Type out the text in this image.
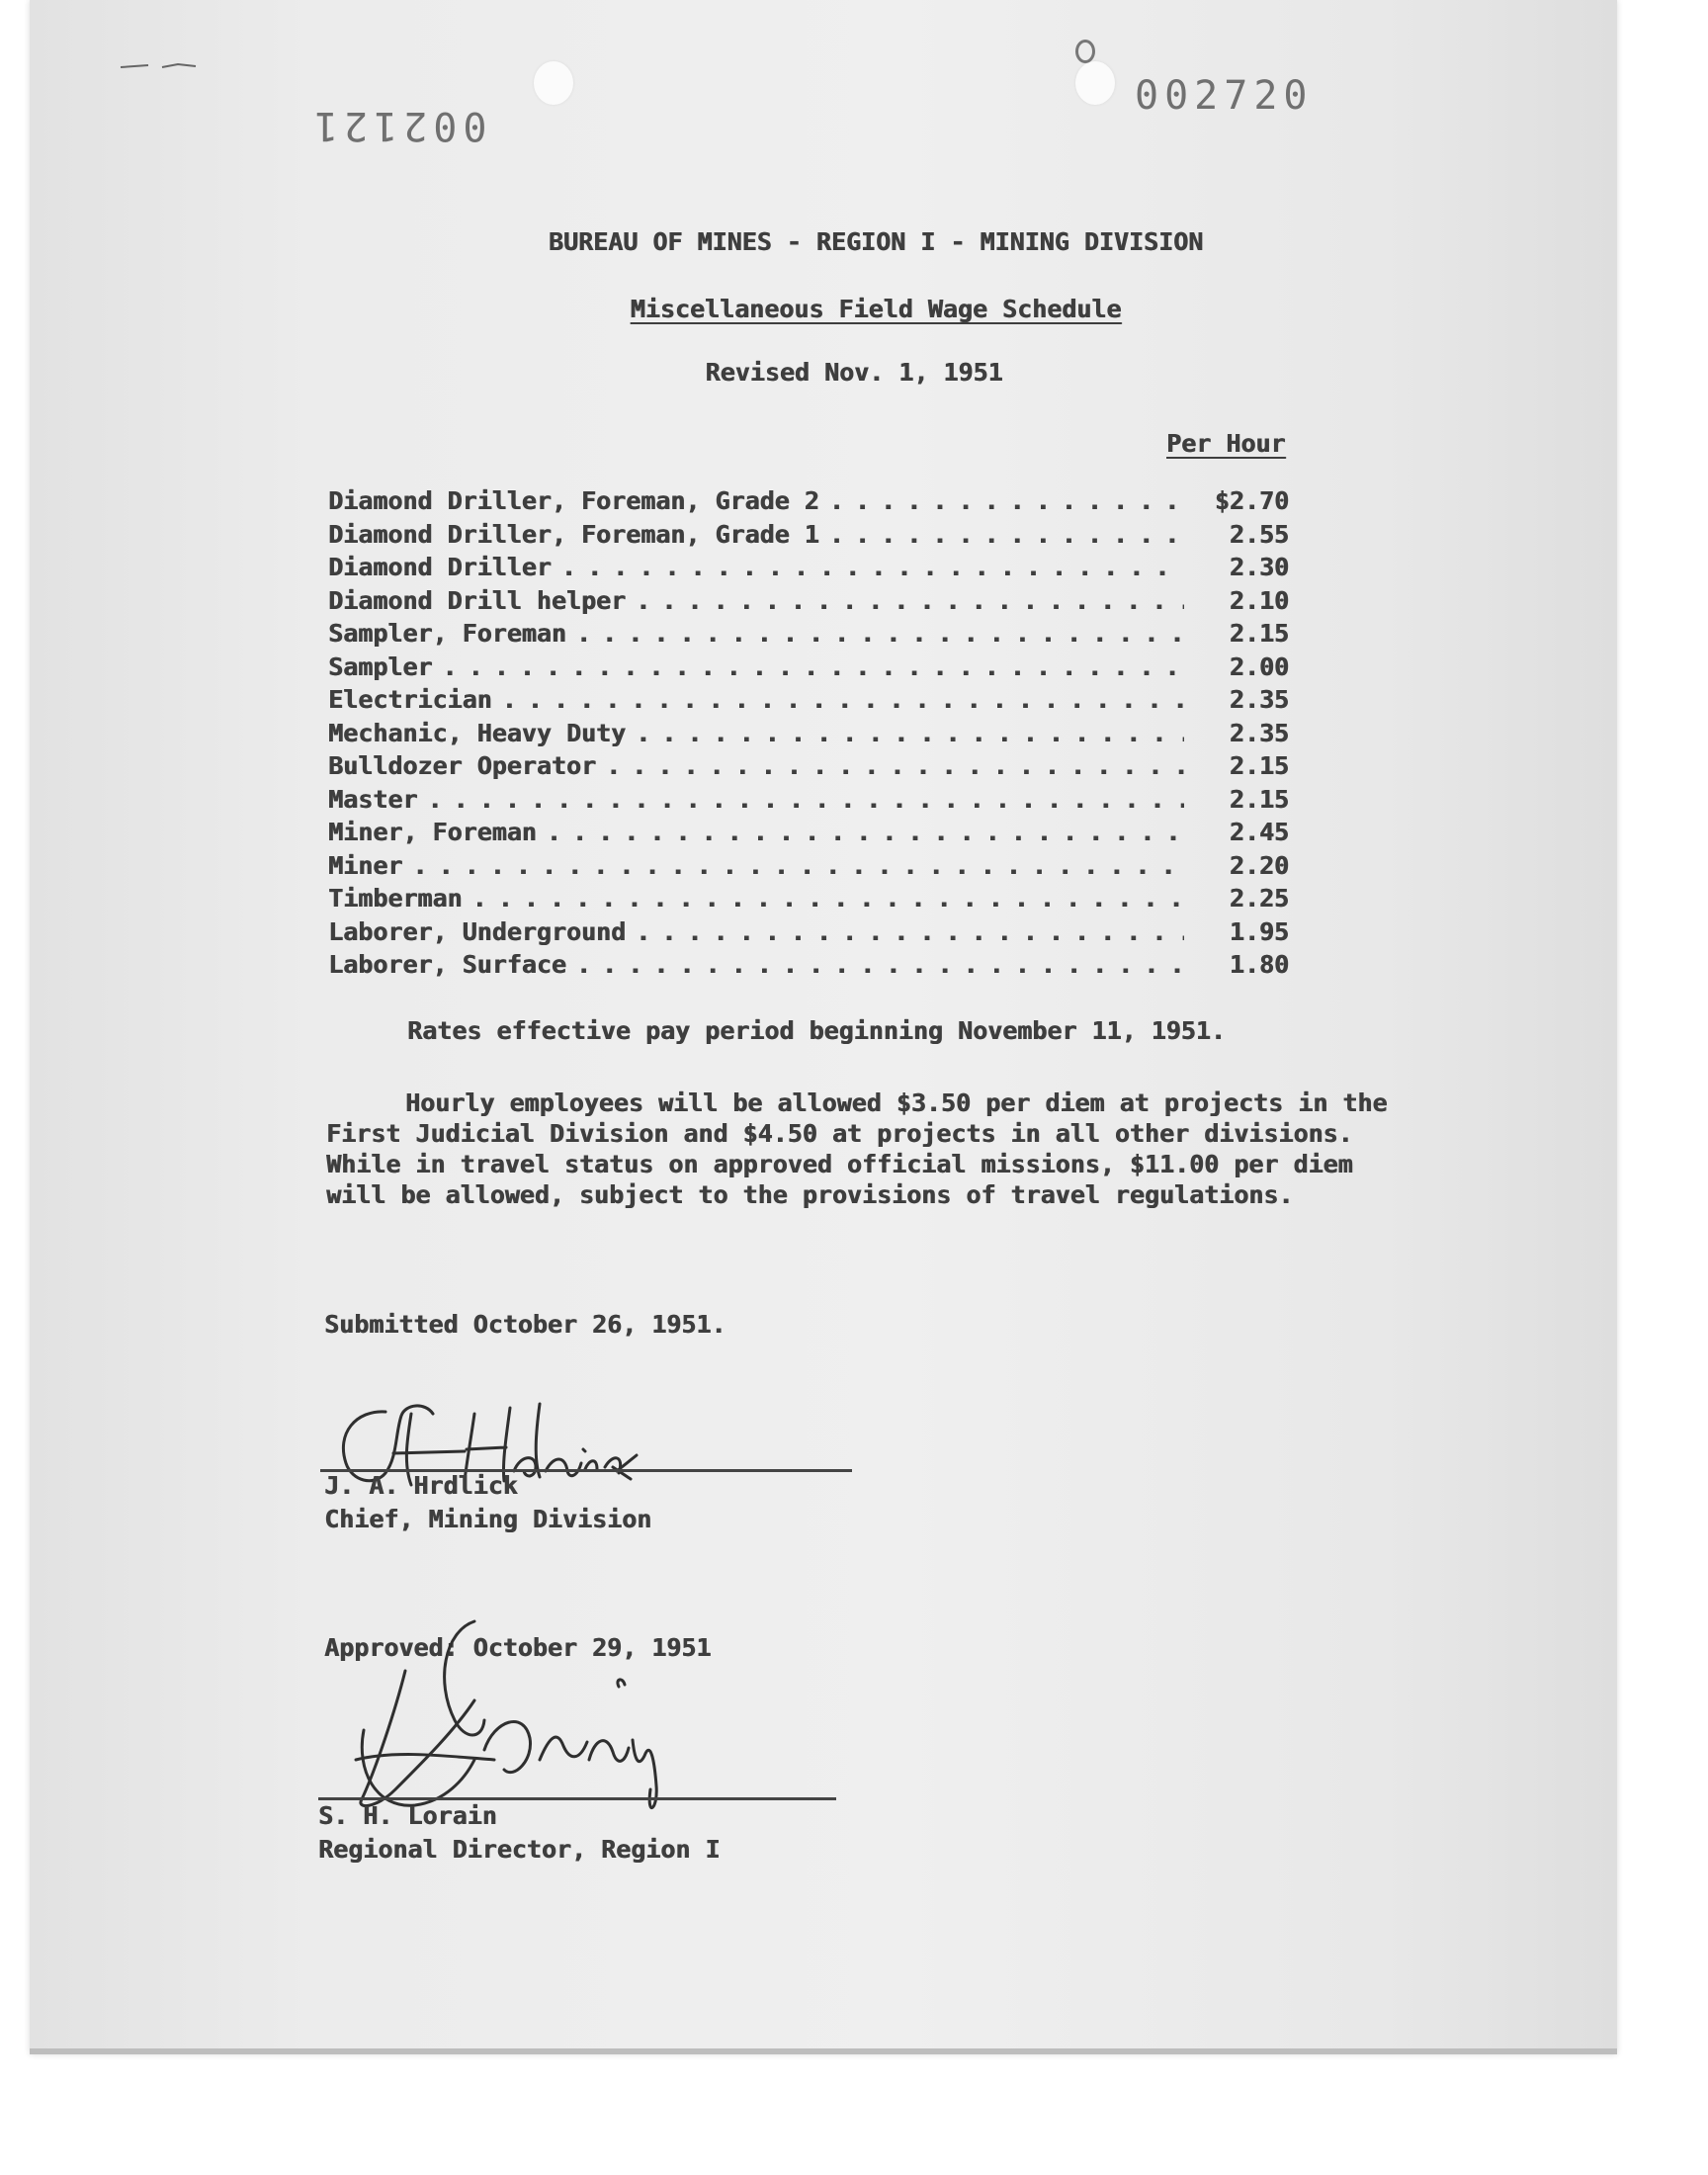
002121
002720
BUREAU OF MINES - REGION I - MINING DIVISION
Miscellaneous Field Wage Schedule
Revised Nov. 1, 1951
Per Hour
Diamond Driller, Foreman, Grade 2 . . .	$2.70
Diamond Driller, Foreman, Grade 1 . . .	2.55
Diamond Driller . . .	2.30
Diamond Drill helper . . .	2.10
Sampler, Foreman . . .	2.15
Sampler . . .	2.00
Electrician . . .	2.35
Mechanic, Heavy Duty . . .	2.35
Bulldozer Operator . . .	2.15
Master . . .	2.15
Miner, Foreman . . .	2.45
Miner . . .	2.20
Timberman . . .	2.25
Laborer, Underground . . .	1.95
Laborer, Surface . . .	1.80
Rates effective pay period beginning November 11, 1951.
Hourly employees will be allowed $3.50 per diem at projects in the First Judicial Division and $4.50 at projects in all other divisions. While in travel status on approved official missions, $11.00 per diem will be allowed, subject to the provisions of travel regulations.
Submitted October 26, 1951.
J. A. Hrdlick
Chief, Mining Division
Approved: October 29, 1951
S. H. Lorain
Regional Director, Region I
